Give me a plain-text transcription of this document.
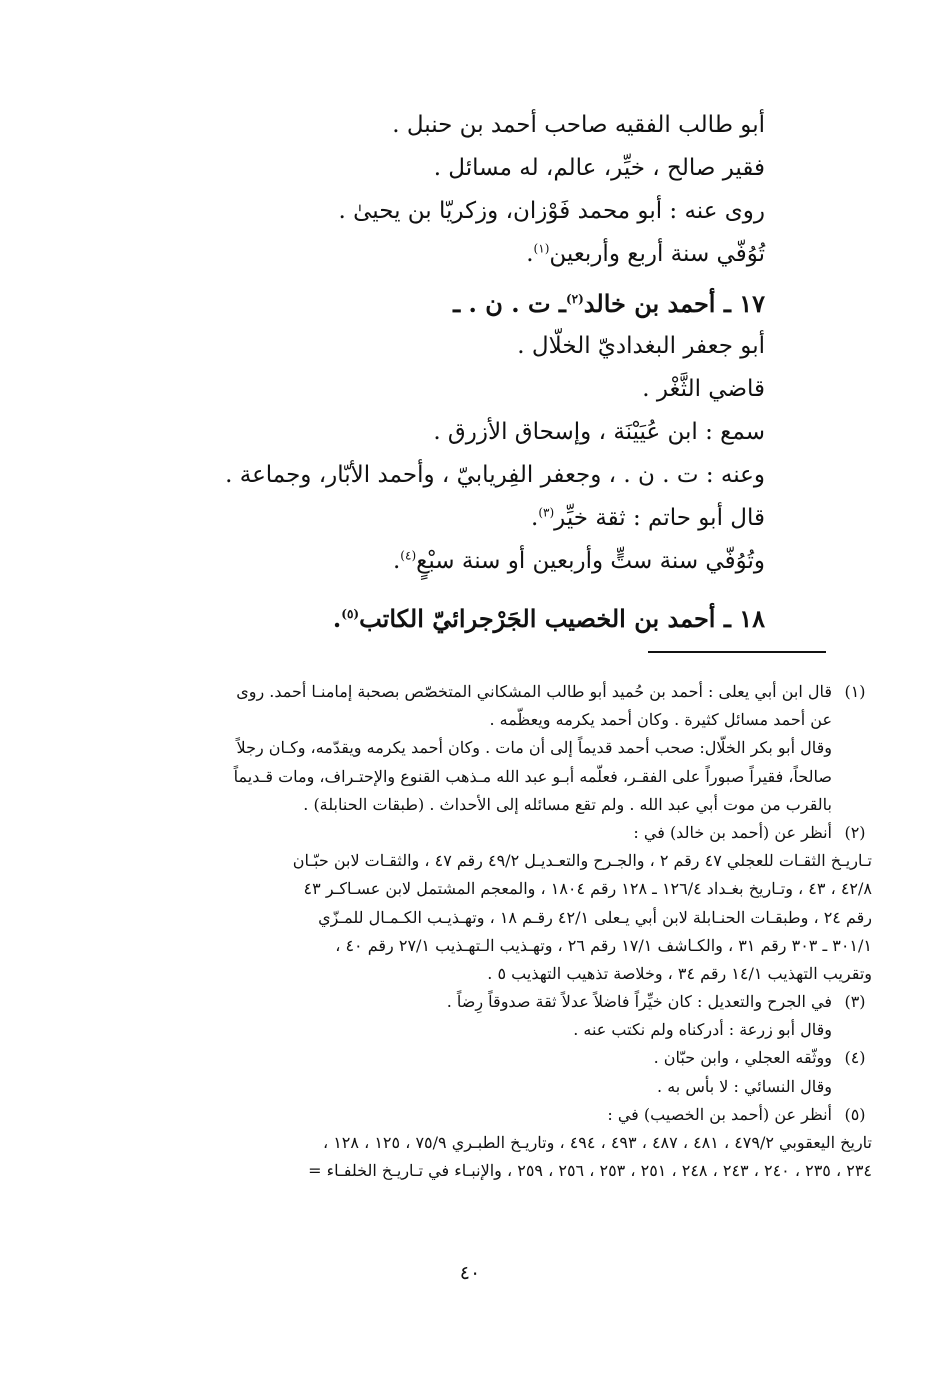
أبو طالب الفقيه صاحب أحمد بن حنبل .
فقير صالح ، خيِّر، عالم، له مسائل .
روى عنه : أبو محمد فَوْزان، وزكريّا بن يحيىٰ .
تُوُفّي سنة أربع وأربعين$^{(١)}$.
١٧ ـ أحمد بن خالد$^{(٢)}$ـ ت . ن . ـ
أبو جعفر البغداديّ الخلّال .
قاضي الثَّغْر .
سمع : ابن عُيَيْنَة ، وإسحاق الأزرق .
وعنه : ت . ن . ، وجعفر الفِريابيّ ، وأحمد الأبّار، وجماعة .
قال أبو حاتم : ثقة خيِّر$^{(٣)}$.
وتُوُفّي سنة ستٍّ وأربعين أو سنة سبْعٍ$^{(٤)}$.
١٨ ـ أحمد بن الخصيب الجَرْجرائيّ الكاتب$^{(٥)}$.
(١)
قال ابن أبي يعلى : أحمد بن حُميد أبو طالب المشكاني المتخصّص بصحبة إمامنـا أحمد. روى
عن أحمد مسائل كثيرة . وكان أحمد يكرمه ويعظّمه .
وقال أبو بكر الخلّال: صحب أحمد قديماً إلى أن مات . وكان أحمد يكرمه ويقدّمه، وكـان رجلاً
صالحاً، فقيراً صبوراً على الفقـر، فعلّمه أبـو عبد الله مـذهب القنوع والإحتـراف، ومات قـديماً
بالقرب من موت أبي عبد الله . ولم تقع مسائله إلى الأحداث . (طبقات الحنابلة) .
(٢)
أنظر عن (أحمد بن خالد) في :
تـاريـخ الثقـات للعجلي ٤٧ رقم ٢ ، والجـرح والتعـديـل ٤٩/٢ رقم ٤٧ ، والثقـات لابن حبّـان
٤٢/٨ ، ٤٣ ، وتـاريخ بغـداد ١٢٦/٤ ـ ١٢٨ رقم ١٨٠٤ ، والمعجم المشتمل لابن عسـاكـر ٤٣
رقم ٢٤ ، وطبقـات الحنـابلة لابن أبي يـعلى ٤٢/١ رقـم ١٨ ، وتهـذيـب الكـمـال للمـزّي
٣٠١/١ ـ ٣٠٣ رقم ٣١ ، والكـاشف ١٧/١ رقم ٢٦ ، وتهـذيب الـتهـذيب ٢٧/١ رقم ٤٠ ،
وتقريب التهذيب ١٤/١ رقم ٣٤ ، وخلاصة تذهيب التهذيب ٥ .
(٣)
في الجرح والتعديل : كان خيِّراً فاضلاً عدلاً ثقة صدوقاً رِضاً .
وقال أبو زرعة : أدركناه ولم نكتب عنه .
(٤)
ووثّقه العجلي ، وابن حبّان .
وقال النسائي : لا بأس به .
(٥)
أنظر عن (أحمد بن الخصيب) في :
تاريخ اليعقوبي ٤٧٩/٢ ، ٤٨١ ، ٤٨٧ ، ٤٩٣ ، ٤٩٤ ، وتاريـخ الطبـري ٧٥/٩ ، ١٢٥ ، ١٢٨ ،
٢٣٤ ، ٢٣٥ ، ٢٤٠ ، ٢٤٣ ، ٢٤٨ ، ٢٥١ ، ٢٥٣ ، ٢٥٦ ، ٢٥٩ ، والإنبـاء في تـاريـخ الخلفـاء =
٤٠
